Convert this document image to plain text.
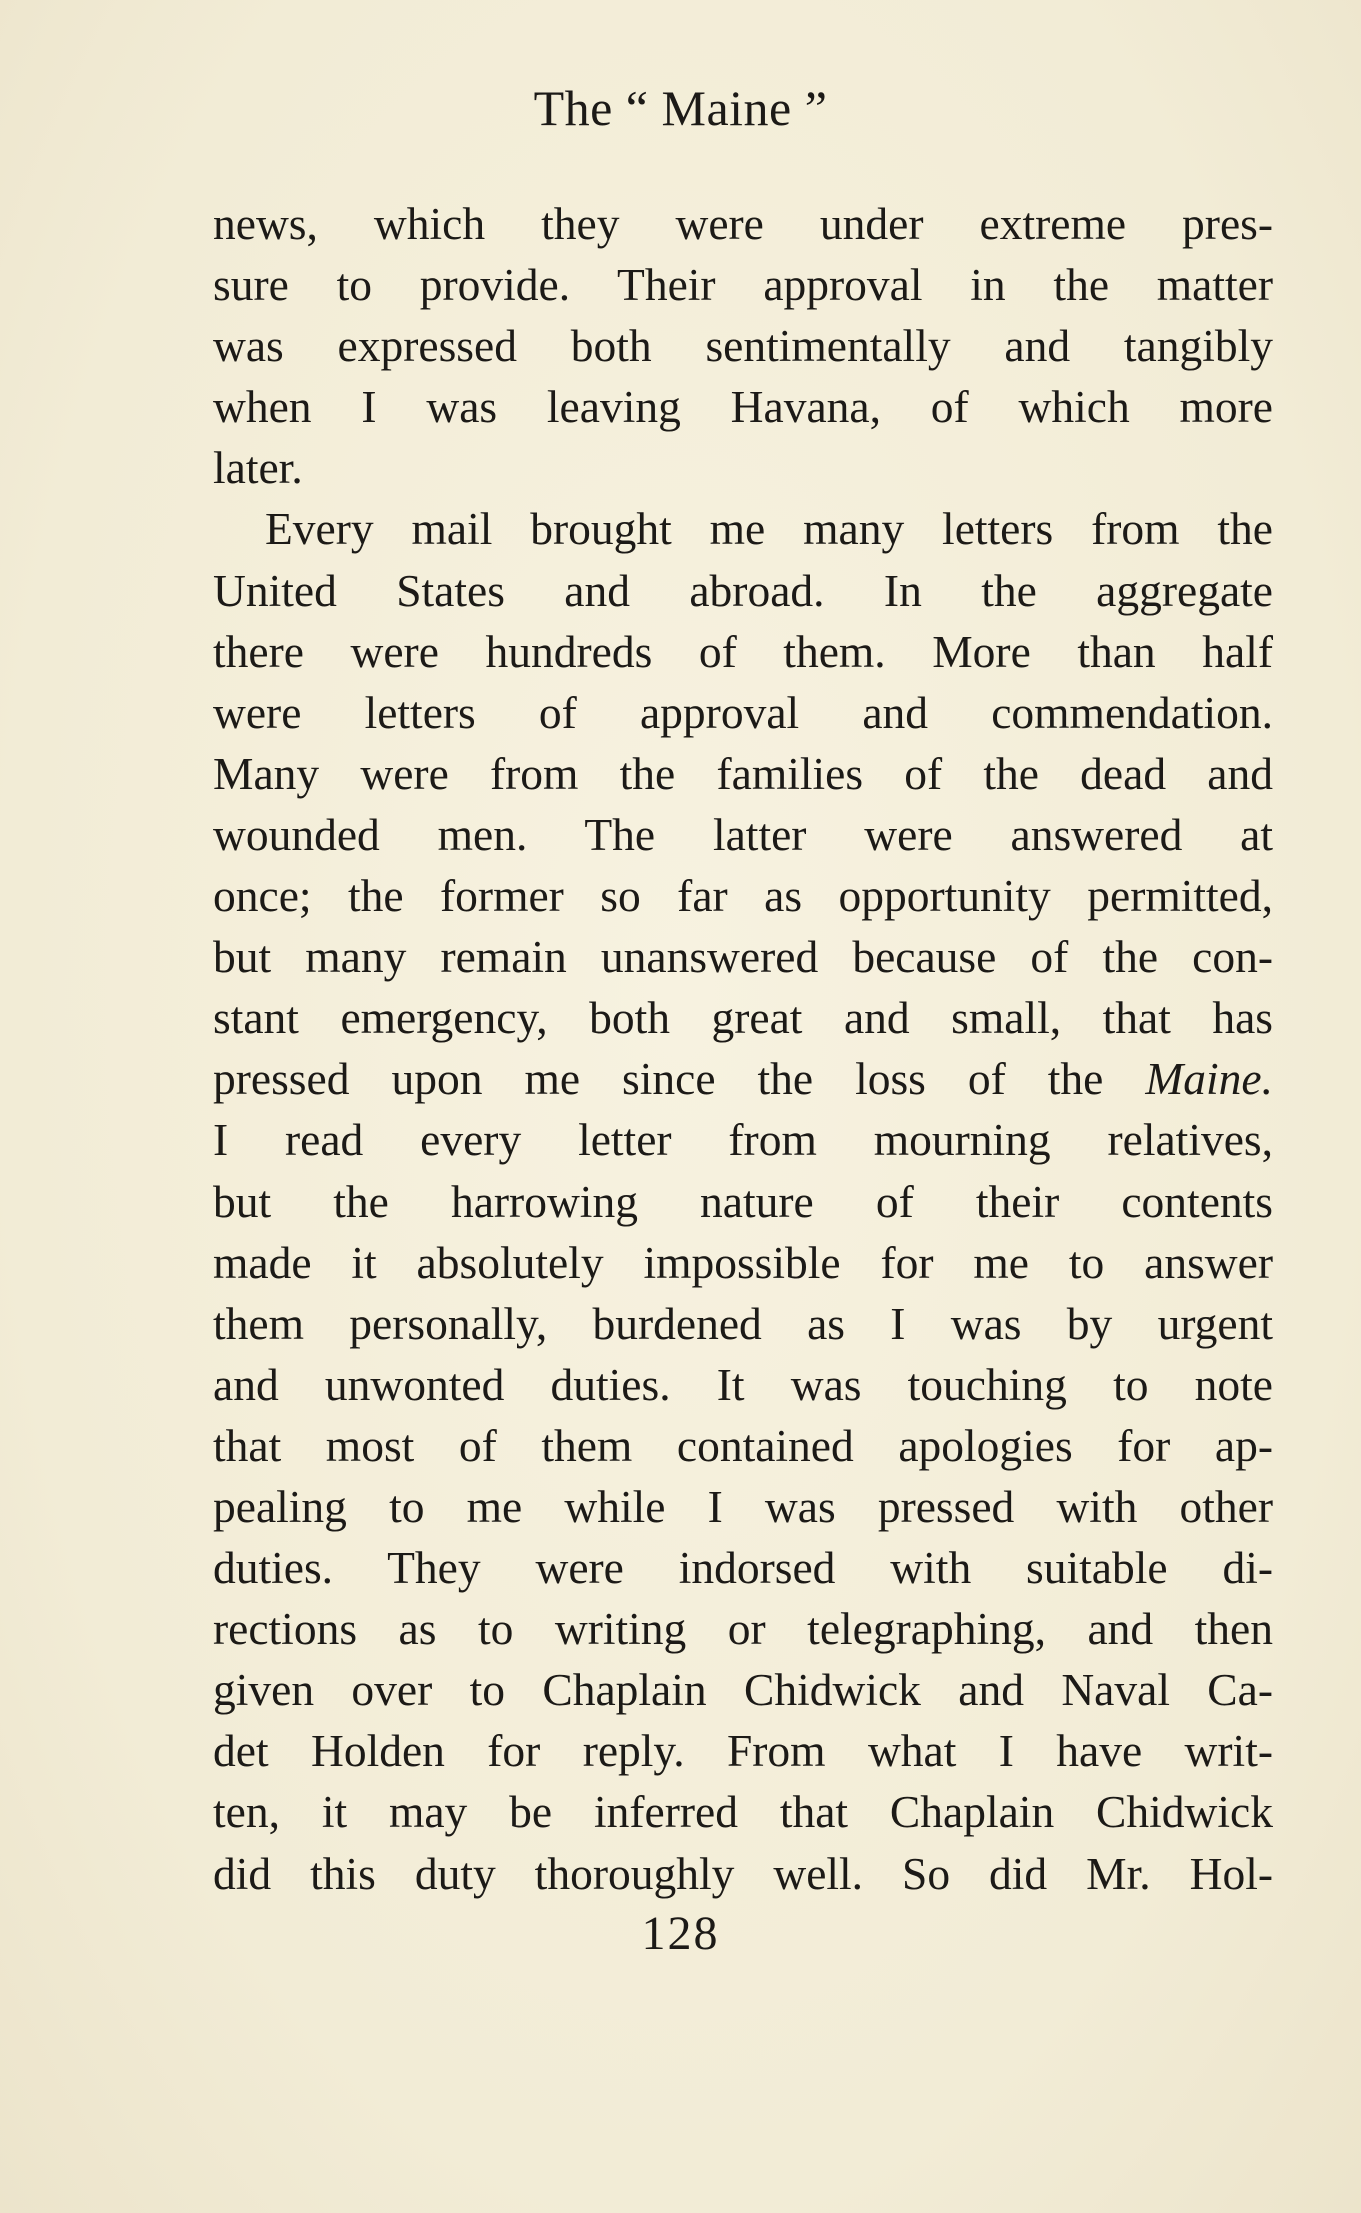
The “ Maine ”
news, which they were under extreme pres-
sure to provide. Their approval in the matter
was expressed both sentimentally and tangibly
when I was leaving Havana, of which more
later.
Every mail brought me many letters from the
United States and abroad. In the aggregate
there were hundreds of them. More than half
were letters of approval and commendation.
Many were from the families of the dead and
wounded men. The latter were answered at
once; the former so far as opportunity permitted,
but many remain unanswered because of the con-
stant emergency, both great and small, that has
pressed upon me since the loss of the Maine.
I read every letter from mourning relatives,
but the harrowing nature of their contents
made it absolutely impossible for me to answer
them personally, burdened as I was by urgent
and unwonted duties. It was touching to note
that most of them contained apologies for ap-
pealing to me while I was pressed with other
duties. They were indorsed with suitable di-
rections as to writing or telegraphing, and then
given over to Chaplain Chidwick and Naval Ca-
det Holden for reply. From what I have writ-
ten, it may be inferred that Chaplain Chidwick
did this duty thoroughly well. So did Mr. Hol-
128
